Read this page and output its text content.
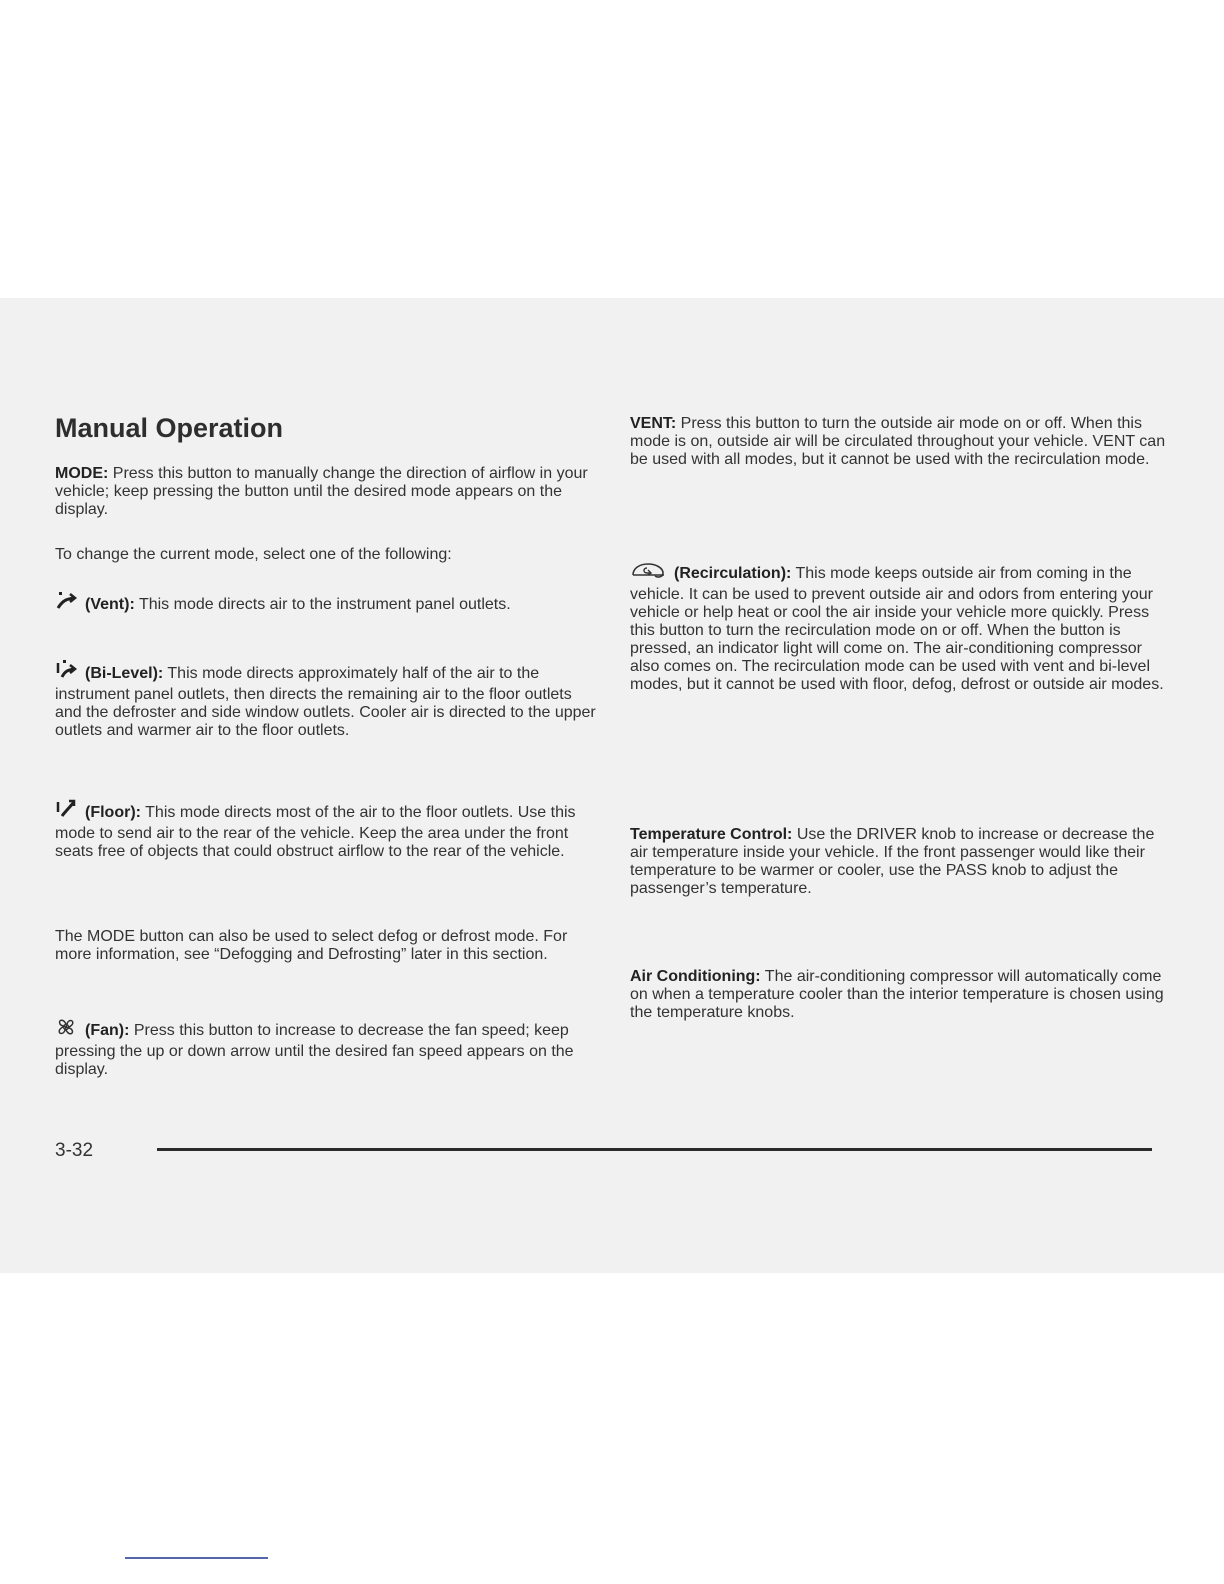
Manual Operation

MODE: Press this button to manually change the direction of airflow in your vehicle; keep pressing the button until the desired mode appears on the display.

To change the current mode, select one of the following:

(Vent): This mode directs air to the instrument panel outlets.

(Bi-Level): This mode directs approximately half of the air to the instrument panel outlets, then directs the remaining air to the floor outlets and the defroster and side window outlets. Cooler air is directed to the upper outlets and warmer air to the floor outlets.

(Floor): This mode directs most of the air to the floor outlets. Use this mode to send air to the rear of the vehicle. Keep the area under the front seats free of objects that could obstruct airflow to the rear of the vehicle.

The MODE button can also be used to select defog or defrost mode. For more information, see “Defogging and Defrosting” later in this section.

(Fan): Press this button to increase to decrease the fan speed; keep pressing the up or down arrow until the desired fan speed appears on the display.

VENT: Press this button to turn the outside air mode on or off. When this mode is on, outside air will be circulated throughout your vehicle. VENT can be used with all modes, but it cannot be used with the recirculation mode.

(Recirculation): This mode keeps outside air from coming in the vehicle. It can be used to prevent outside air and odors from entering your vehicle or help heat or cool the air inside your vehicle more quickly. Press this button to turn the recirculation mode on or off. When the button is pressed, an indicator light will come on. The air-conditioning compressor also comes on. The recirculation mode can be used with vent and bi-level modes, but it cannot be used with floor, defog, defrost or outside air modes.

Temperature Control: Use the DRIVER knob to increase or decrease the air temperature inside your vehicle. If the front passenger would like their temperature to be warmer or cooler, use the PASS knob to adjust the passenger’s temperature.

Air Conditioning: The air-conditioning compressor will automatically come on when a temperature cooler than the interior temperature is chosen using the temperature knobs.

3-32
